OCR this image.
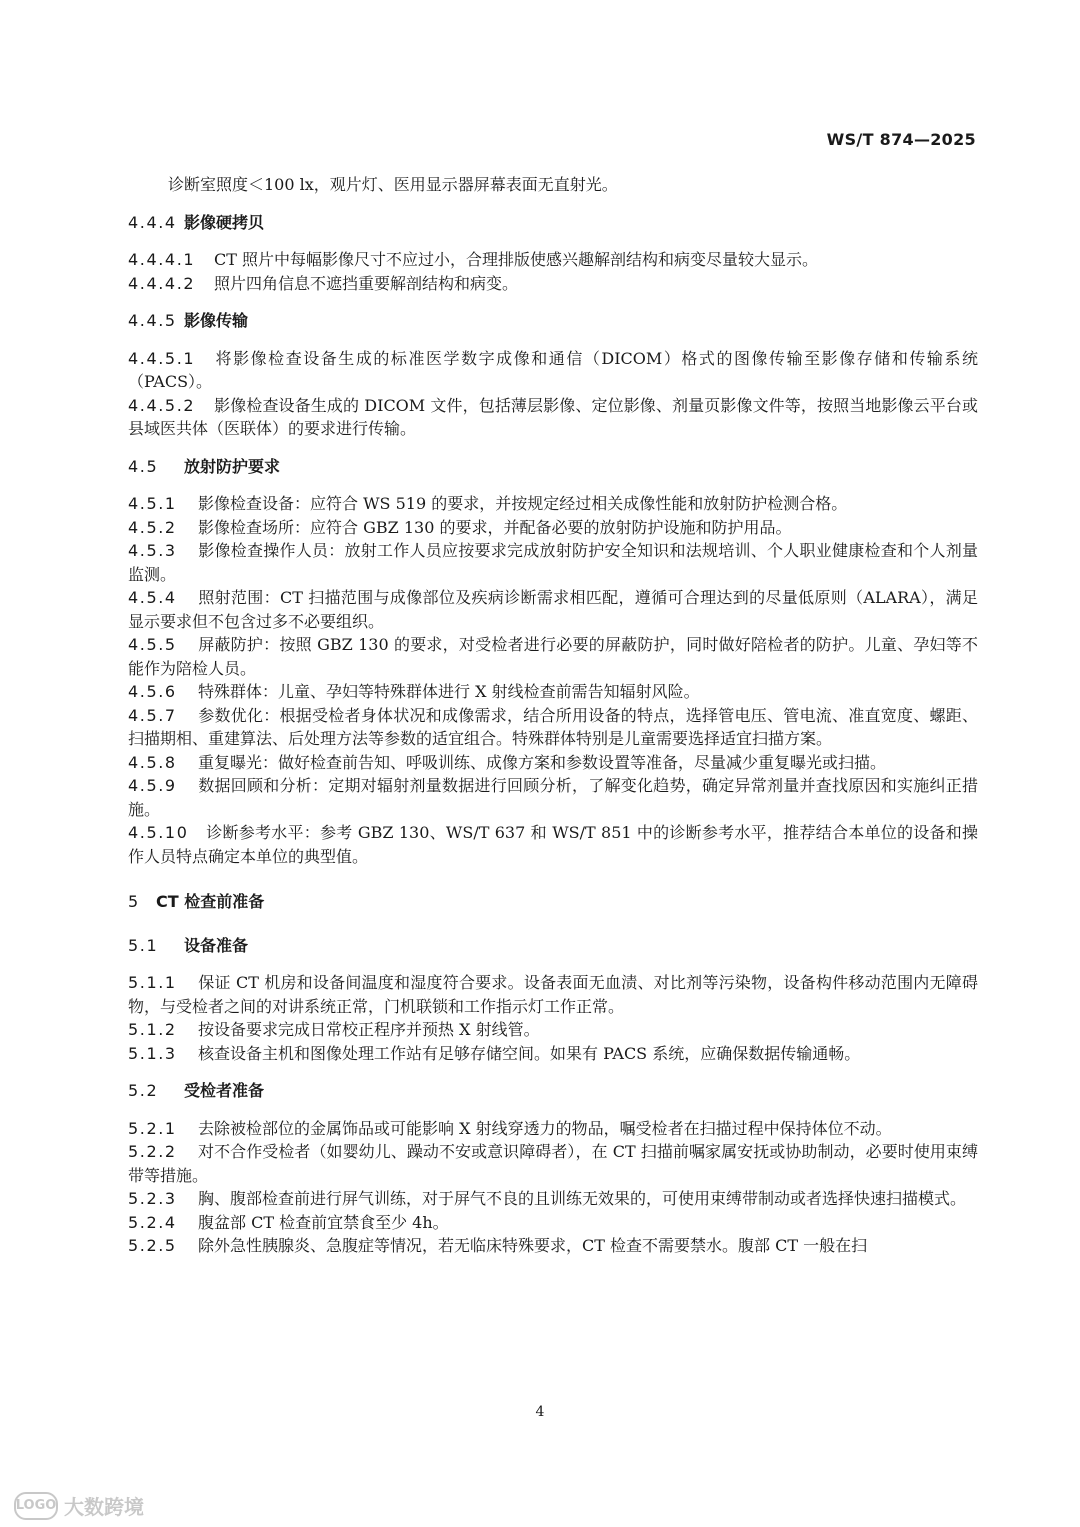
WS/T 874—2025

诊断室照度＜100 lx，观片灯、医用显示器屏幕表面无直射光。

4.4.4 影像硬拷贝

4.4.4.1 CT 照片中每幅影像尺寸不应过小，合理排版使感兴趣解剖结构和病变尽量较大显示。

4.4.4.2 照片四角信息不遮挡重要解剖结构和病变。

4.4.5 影像传输

4.4.5.1 将影像检查设备生成的标准医学数字成像和通信（DICOM）格式的图像传输至影像存储和传输系统（PACS）。

4.4.5.2 影像检查设备生成的 DICOM 文件，包括薄层影像、定位影像、剂量页影像文件等，按照当地影像云平台或县域医共体（医联体）的要求进行传输。

4.5 放射防护要求

4.5.1 影像检查设备：应符合 WS 519 的要求，并按规定经过相关成像性能和放射防护检测合格。

4.5.2 影像检查场所：应符合 GBZ 130 的要求，并配备必要的放射防护设施和防护用品。

4.5.3 影像检查操作人员：放射工作人员应按要求完成放射防护安全知识和法规培训、个人职业健康检查和个人剂量监测。

4.5.4 照射范围：CT 扫描范围与成像部位及疾病诊断需求相匹配，遵循可合理达到的尽量低原则（ALARA），满足显示要求但不包含过多不必要组织。

4.5.5 屏蔽防护：按照 GBZ 130 的要求，对受检者进行必要的屏蔽防护，同时做好陪检者的防护。儿童、孕妇等不能作为陪检人员。

4.5.6 特殊群体：儿童、孕妇等特殊群体进行 X 射线检查前需告知辐射风险。

4.5.7 参数优化：根据受检者身体状况和成像需求，结合所用设备的特点，选择管电压、管电流、准直宽度、螺距、扫描期相、重建算法、后处理方法等参数的适宜组合。特殊群体特别是儿童需要选择适宜扫描方案。

4.5.8 重复曝光：做好检查前告知、呼吸训练、成像方案和参数设置等准备，尽量减少重复曝光或扫描。

4.5.9 数据回顾和分析：定期对辐射剂量数据进行回顾分析，了解变化趋势，确定异常剂量并查找原因和实施纠正措施。

4.5.10 诊断参考水平：参考 GBZ 130、WS/T 637 和 WS/T 851 中的诊断参考水平，推荐结合本单位的设备和操作人员特点确定本单位的典型值。

5 CT 检查前准备
5.1 设备准备

5.1.1 保证 CT 机房和设备间温度和湿度符合要求。设备表面无血渍、对比剂等污染物，设备构件移动范围内无障碍物，与受检者之间的对讲系统正常，门机联锁和工作指示灯工作正常。

5.1.2 按设备要求完成日常校正程序并预热 X 射线管。

5.1.3 核查设备主机和图像处理工作站有足够存储空间。如果有 PACS 系统，应确保数据传输通畅。

5.2 受检者准备

5.2.1 去除被检部位的金属饰品或可能影响 X 射线穿透力的物品，嘱受检者在扫描过程中保持体位不动。

5.2.2 对不合作受检者（如婴幼儿、躁动不安或意识障碍者），在 CT 扫描前嘱家属安抚或协助制动，必要时使用束缚带等措施。

5.2.3 胸、腹部检查前进行屏气训练，对于屏气不良的且训练无效果的，可使用束缚带制动或者选择快速扫描模式。

5.2.4 腹盆部 CT 检查前宜禁食至少 4h。

5.2.5 除外急性胰腺炎、急腹症等情况，若无临床特殊要求，CT 检查不需要禁水。腹部 CT 一般在扫

4
LOGO 大数跨境
